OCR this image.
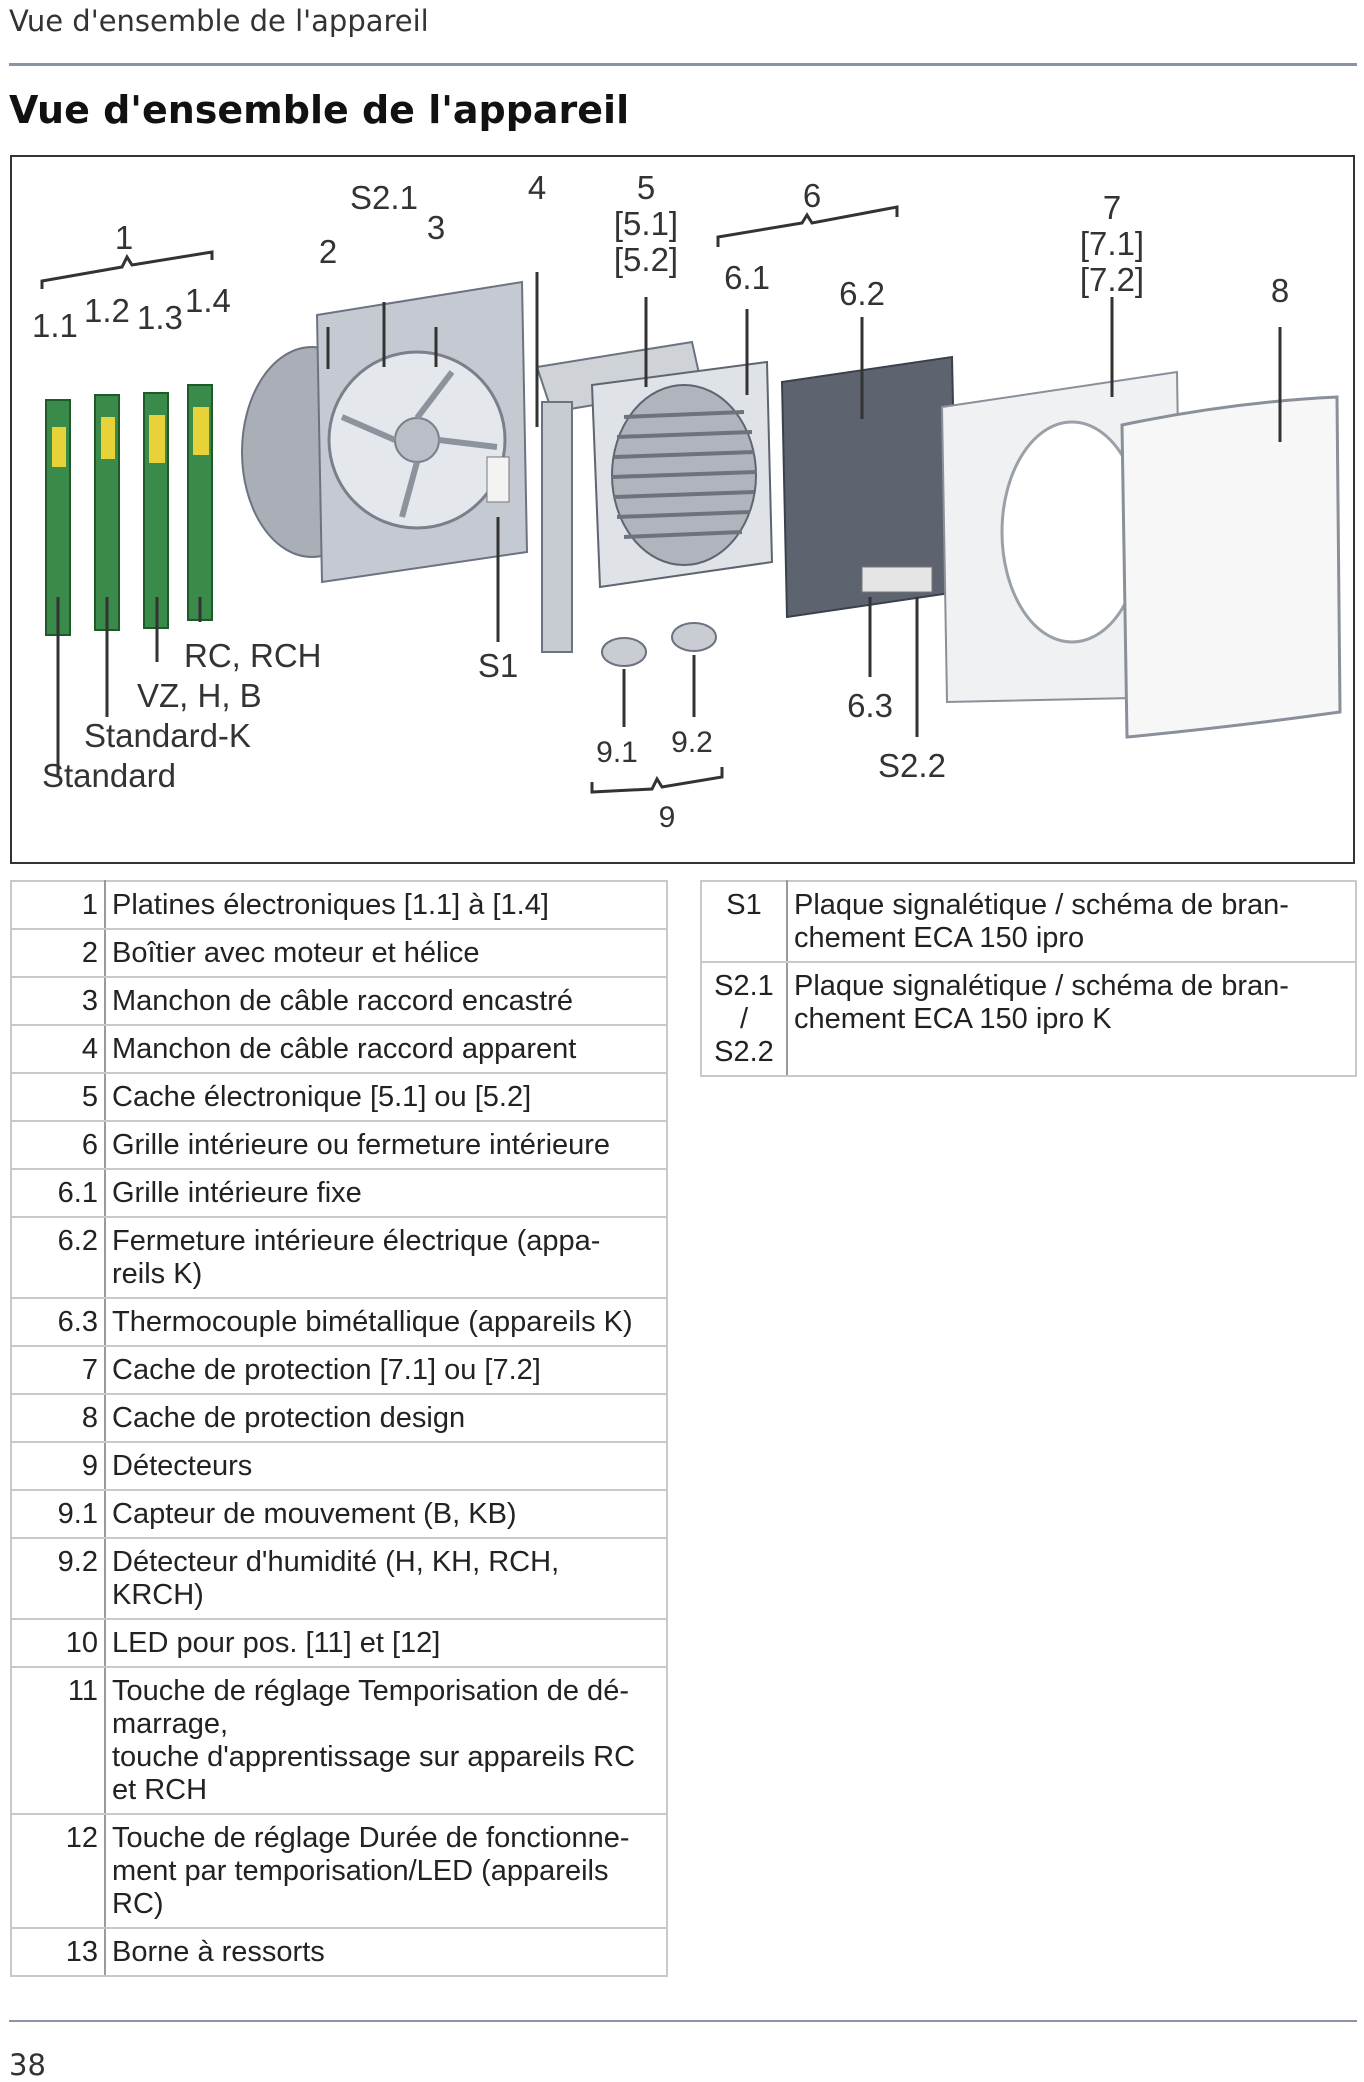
Vue d'ensemble de l'appareil
Vue d'ensemble de l'appareil
1
1.1 1.2 1.3 1.4
2
S2.1
3
4	5
[5.1]
[5.2]
6
6.1 6.2
7
[7.1]
[7.2]	8
RC, RCH
VZ, H, B
Standard-K
Standard
S1
9.1 9.2
9
6.3
S2.2
1	Platines électroniques [1.1] à [1.4]
2	Boîtier avec moteur et hélice
3	Manchon de câble raccord encastré
4	Manchon de câble raccord apparent
5	Cache électronique [5.1] ou [5.2]
6	Grille intérieure ou fermeture intérieure
6.1	Grille intérieure fixe
6.2	Fermeture intérieure électrique (appa-
reils K)
6.3	Thermocouple bimétallique (appareils K)
7	Cache de protection [7.1] ou [7.2]
8	Cache de protection design
9	Détecteurs
9.1	Capteur de mouvement (B, KB)
9.2	Détecteur d'humidité (H, KH, RCH,
KRCH)
10	LED pour pos. [11] et [12]
11	Touche de réglage Temporisation de dé-
marrage,
touche d'apprentissage sur appareils RC
et RCH
12	Touche de réglage Durée de fonctionne-
ment par temporisation/LED (appareils
RC)
13	Borne à ressorts
S1	Plaque signalétique / schéma de bran-
chement ECA 150 ipro
S2.1
/
S2.2	Plaque signalétique / schéma de bran-
chement ECA 150 ipro K
38
